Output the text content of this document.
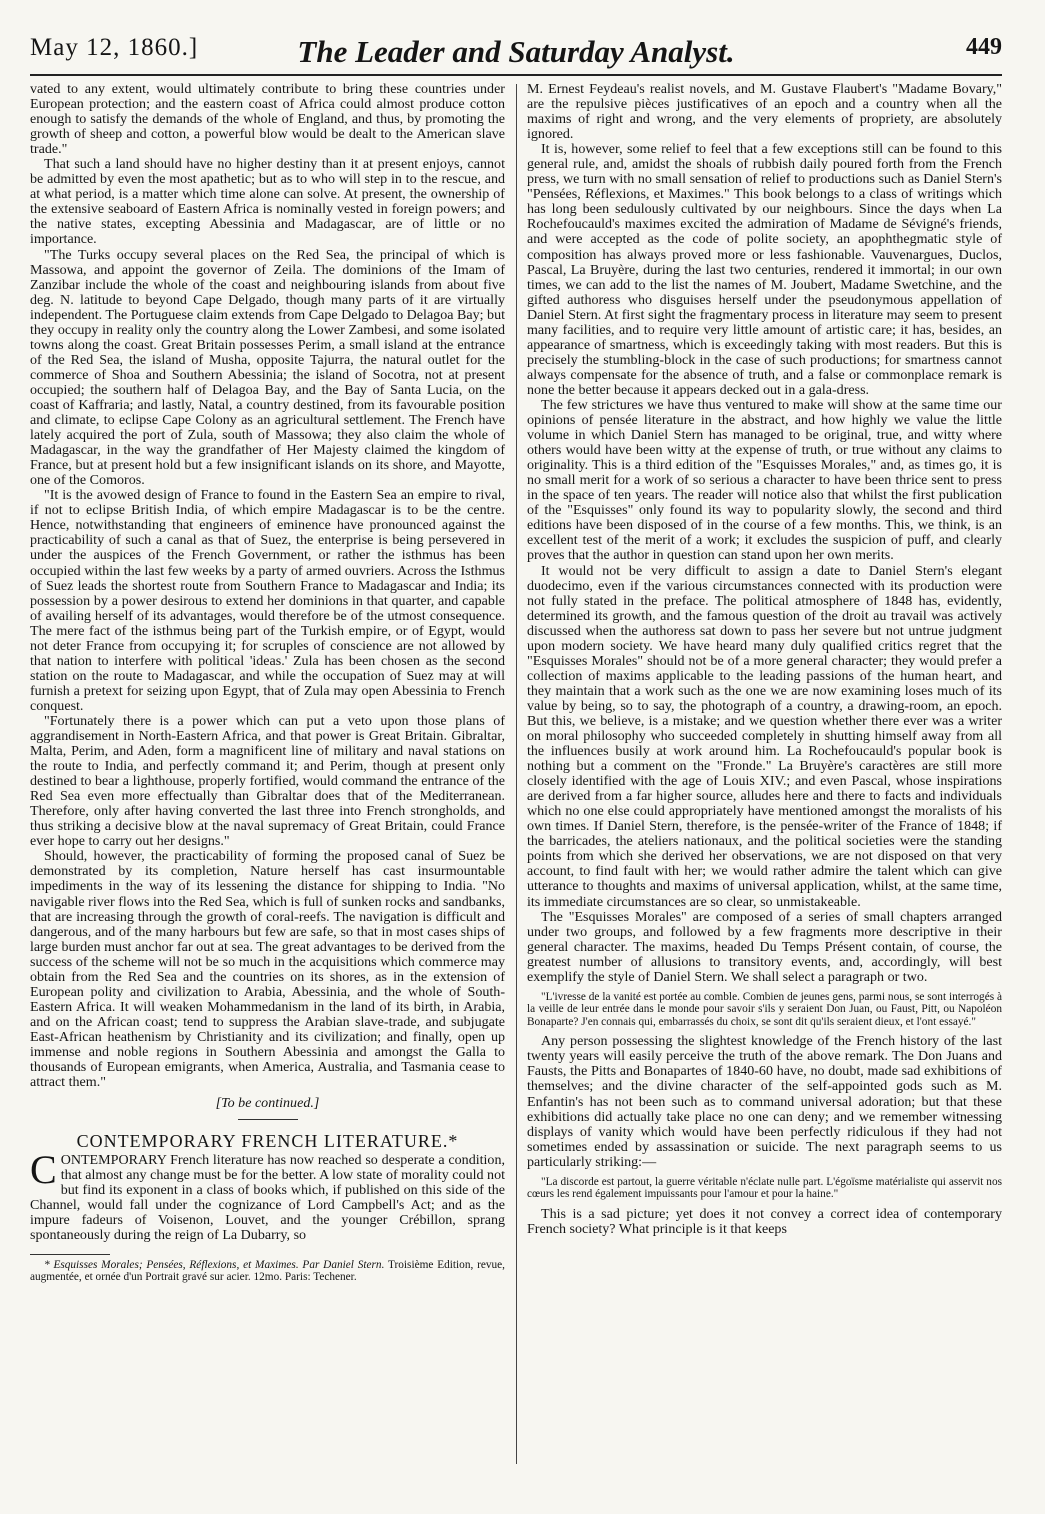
May 12, 1860.]	The Leader and Saturday Analyst.	449

vated to any extent, would ultimately contribute to bring these countries under European protection; and the eastern coast of Africa could almost produce cotton enough to satisfy the demands of the whole of England, and thus, by promoting the growth of sheep and cotton, a powerful blow would be dealt to the American slave trade."

That such a land should have no higher destiny than it at present enjoys, cannot be admitted by even the most apathetic; but as to who will step in to the rescue, and at what period, is a matter which time alone can solve. At present, the ownership of the extensive seaboard of Eastern Africa is nominally vested in foreign powers; and the native states, excepting Abessinia and Madagascar, are of little or no importance.

"The Turks occupy several places on the Red Sea, the principal of which is Massowa, and appoint the governor of Zeila. The dominions of the Imam of Zanzibar include the whole of the coast and neighbouring islands from about five deg. N. latitude to beyond Cape Delgado, though many parts of it are virtually independent. The Portuguese claim extends from Cape Delgado to Delagoa Bay; but they occupy in reality only the country along the Lower Zambesi, and some isolated towns along the coast. Great Britain possesses Perim, a small island at the entrance of the Red Sea, the island of Musha, opposite Tajurra, the natural outlet for the commerce of Shoa and Southern Abessinia; the island of Socotra, not at present occupied; the southern half of Delagoa Bay, and the Bay of Santa Lucia, on the coast of Kaffraria; and lastly, Natal, a country destined, from its favourable position and climate, to eclipse Cape Colony as an agricultural settlement. The French have lately acquired the port of Zula, south of Massowa; they also claim the whole of Madagascar, in the way the grandfather of Her Majesty claimed the kingdom of France, but at present hold but a few insignificant islands on its shore, and Mayotte, one of the Comoros.

"It is the avowed design of France to found in the Eastern Sea an empire to rival, if not to eclipse British India, of which empire Madagascar is to be the centre. Hence, notwithstanding that engineers of eminence have pronounced against the practicability of such a canal as that of Suez, the enterprise is being persevered in under the auspices of the French Government, or rather the isthmus has been occupied within the last few weeks by a party of armed ouvriers. Across the Isthmus of Suez leads the shortest route from Southern France to Madagascar and India; its possession by a power desirous to extend her dominions in that quarter, and capable of availing herself of its advantages, would therefore be of the utmost consequence. The mere fact of the isthmus being part of the Turkish empire, or of Egypt, would not deter France from occupying it; for scruples of conscience are not allowed by that nation to interfere with political 'ideas.' Zula has been chosen as the second station on the route to Madagascar, and while the occupation of Suez may at will furnish a pretext for seizing upon Egypt, that of Zula may open Abessinia to French conquest.

"Fortunately there is a power which can put a veto upon those plans of aggrandisement in North-Eastern Africa, and that power is Great Britain. Gibraltar, Malta, Perim, and Aden, form a magnificent line of military and naval stations on the route to India, and perfectly command it; and Perim, though at present only destined to bear a lighthouse, properly fortified, would command the entrance of the Red Sea even more effectually than Gibraltar does that of the Mediterranean. Therefore, only after having converted the last three into French strongholds, and thus striking a decisive blow at the naval supremacy of Great Britain, could France ever hope to carry out her designs."

Should, however, the practicability of forming the proposed canal of Suez be demonstrated by its completion, Nature herself has cast insurmountable impediments in the way of its lessening the distance for shipping to India. "No navigable river flows into the Red Sea, which is full of sunken rocks and sandbanks, that are increasing through the growth of coral-reefs. The navigation is difficult and dangerous, and of the many harbours but few are safe, so that in most cases ships of large burden must anchor far out at sea. The great advantages to be derived from the success of the scheme will not be so much in the acquisitions which commerce may obtain from the Red Sea and the countries on its shores, as in the extension of European polity and civilization to Arabia, Abessinia, and the whole of South-Eastern Africa. It will weaken Mohammedanism in the land of its birth, in Arabia, and on the African coast; tend to suppress the Arabian slave-trade, and subjugate East-African heathenism by Christianity and its civilization; and finally, open up immense and noble regions in Southern Abessinia and amongst the Galla to thousands of European emigrants, when America, Australia, and Tasmania cease to attract them."

[To be continued.]

CONTEMPORARY FRENCH LITERATURE.*

CONTEMPORARY French literature has now reached so desperate a condition, that almost any change must be for the better. A low state of morality could not but find its exponent in a class of books which, if published on this side of the Channel, would fall under the cognizance of Lord Campbell's Act; and as the impure fadeurs of Voisenon, Louvet, and the younger Crébillon, sprang spontaneously during the reign of La Dubarry, so

* Esquisses Morales; Pensées, Réflexions, et Maximes. Par Daniel Stern. Troisième Edition, revue, augmentée, et ornée d'un Portrait gravé sur acier. 12mo. Paris: Techener.

M. Ernest Feydeau's realist novels, and M. Gustave Flaubert's "Madame Bovary," are the repulsive pièces justificatives of an epoch and a country when all the maxims of right and wrong, and the very elements of propriety, are absolutely ignored.

It is, however, some relief to feel that a few exceptions still can be found to this general rule, and, amidst the shoals of rubbish daily poured forth from the French press, we turn with no small sensation of relief to productions such as Daniel Stern's "Pensées, Réflexions, et Maximes." This book belongs to a class of writings which has long been sedulously cultivated by our neighbours. Since the days when La Rochefoucauld's maximes excited the admiration of Madame de Sévigné's friends, and were accepted as the code of polite society, an apophthegmatic style of composition has always proved more or less fashionable. Vauvenargues, Duclos, Pascal, La Bruyère, during the last two centuries, rendered it immortal; in our own times, we can add to the list the names of M. Joubert, Madame Swetchine, and the gifted authoress who disguises herself under the pseudonymous appellation of Daniel Stern. At first sight the fragmentary process in literature may seem to present many facilities, and to require very little amount of artistic care; it has, besides, an appearance of smartness, which is exceedingly taking with most readers. But this is precisely the stumbling-block in the case of such productions; for smartness cannot always compensate for the absence of truth, and a false or commonplace remark is none the better because it appears decked out in a gala-dress.

The few strictures we have thus ventured to make will show at the same time our opinions of pensée literature in the abstract, and how highly we value the little volume in which Daniel Stern has managed to be original, true, and witty where others would have been witty at the expense of truth, or true without any claims to originality. This is a third edition of the "Esquisses Morales," and, as times go, it is no small merit for a work of so serious a character to have been thrice sent to press in the space of ten years. The reader will notice also that whilst the first publication of the "Esquisses" only found its way to popularity slowly, the second and third editions have been disposed of in the course of a few months. This, we think, is an excellent test of the merit of a work; it excludes the suspicion of puff, and clearly proves that the author in question can stand upon her own merits.

It would not be very difficult to assign a date to Daniel Stern's elegant duodecimo, even if the various circumstances connected with its production were not fully stated in the preface. The political atmosphere of 1848 has, evidently, determined its growth, and the famous question of the droit au travail was actively discussed when the authoress sat down to pass her severe but not untrue judgment upon modern society. We have heard many duly qualified critics regret that the "Esquisses Morales" should not be of a more general character; they would prefer a collection of maxims applicable to the leading passions of the human heart, and they maintain that a work such as the one we are now examining loses much of its value by being, so to say, the photograph of a country, a drawing-room, an epoch. But this, we believe, is a mistake; and we question whether there ever was a writer on moral philosophy who succeeded completely in shutting himself away from all the influences busily at work around him. La Rochefoucauld's popular book is nothing but a comment on the "Fronde." La Bruyère's caractères are still more closely identified with the age of Louis XIV.; and even Pascal, whose inspirations are derived from a far higher source, alludes here and there to facts and individuals which no one else could appropriately have mentioned amongst the moralists of his own times. If Daniel Stern, therefore, is the pensée-writer of the France of 1848; if the barricades, the ateliers nationaux, and the political societies were the standing points from which she derived her observations, we are not disposed on that very account, to find fault with her; we would rather admire the talent which can give utterance to thoughts and maxims of universal application, whilst, at the same time, its immediate circumstances are so clear, so unmistakeable.

The "Esquisses Morales" are composed of a series of small chapters arranged under two groups, and followed by a few fragments more descriptive in their general character. The maxims, headed Du Temps Présent contain, of course, the greatest number of allusions to transitory events, and, accordingly, will best exemplify the style of Daniel Stern. We shall select a paragraph or two.

"L'ivresse de la vanité est portée au comble. Combien de jeunes gens, parmi nous, se sont interrogés à la veille de leur entrée dans le monde pour savoir s'ils y seraient Don Juan, ou Faust, Pitt, ou Napoléon Bonaparte? J'en connais qui, embarrassés du choix, se sont dit qu'ils seraient dieux, et l'ont essayé."

Any person possessing the slightest knowledge of the French history of the last twenty years will easily perceive the truth of the above remark. The Don Juans and Fausts, the Pitts and Bonapartes of 1840-60 have, no doubt, made sad exhibitions of themselves; and the divine character of the self-appointed gods such as M. Enfantin's has not been such as to command universal adoration; but that these exhibitions did actually take place no one can deny; and we remember witnessing displays of vanity which would have been perfectly ridiculous if they had not sometimes ended by assassination or suicide. The next paragraph seems to us particularly striking:—

"La discorde est partout, la guerre véritable n'éclate nulle part. L'égoïsme matérialiste qui asservit nos cœurs les rend également impuissants pour l'amour et pour la haine."

This is a sad picture; yet does it not convey a correct idea of contemporary French society? What principle is it that keeps
